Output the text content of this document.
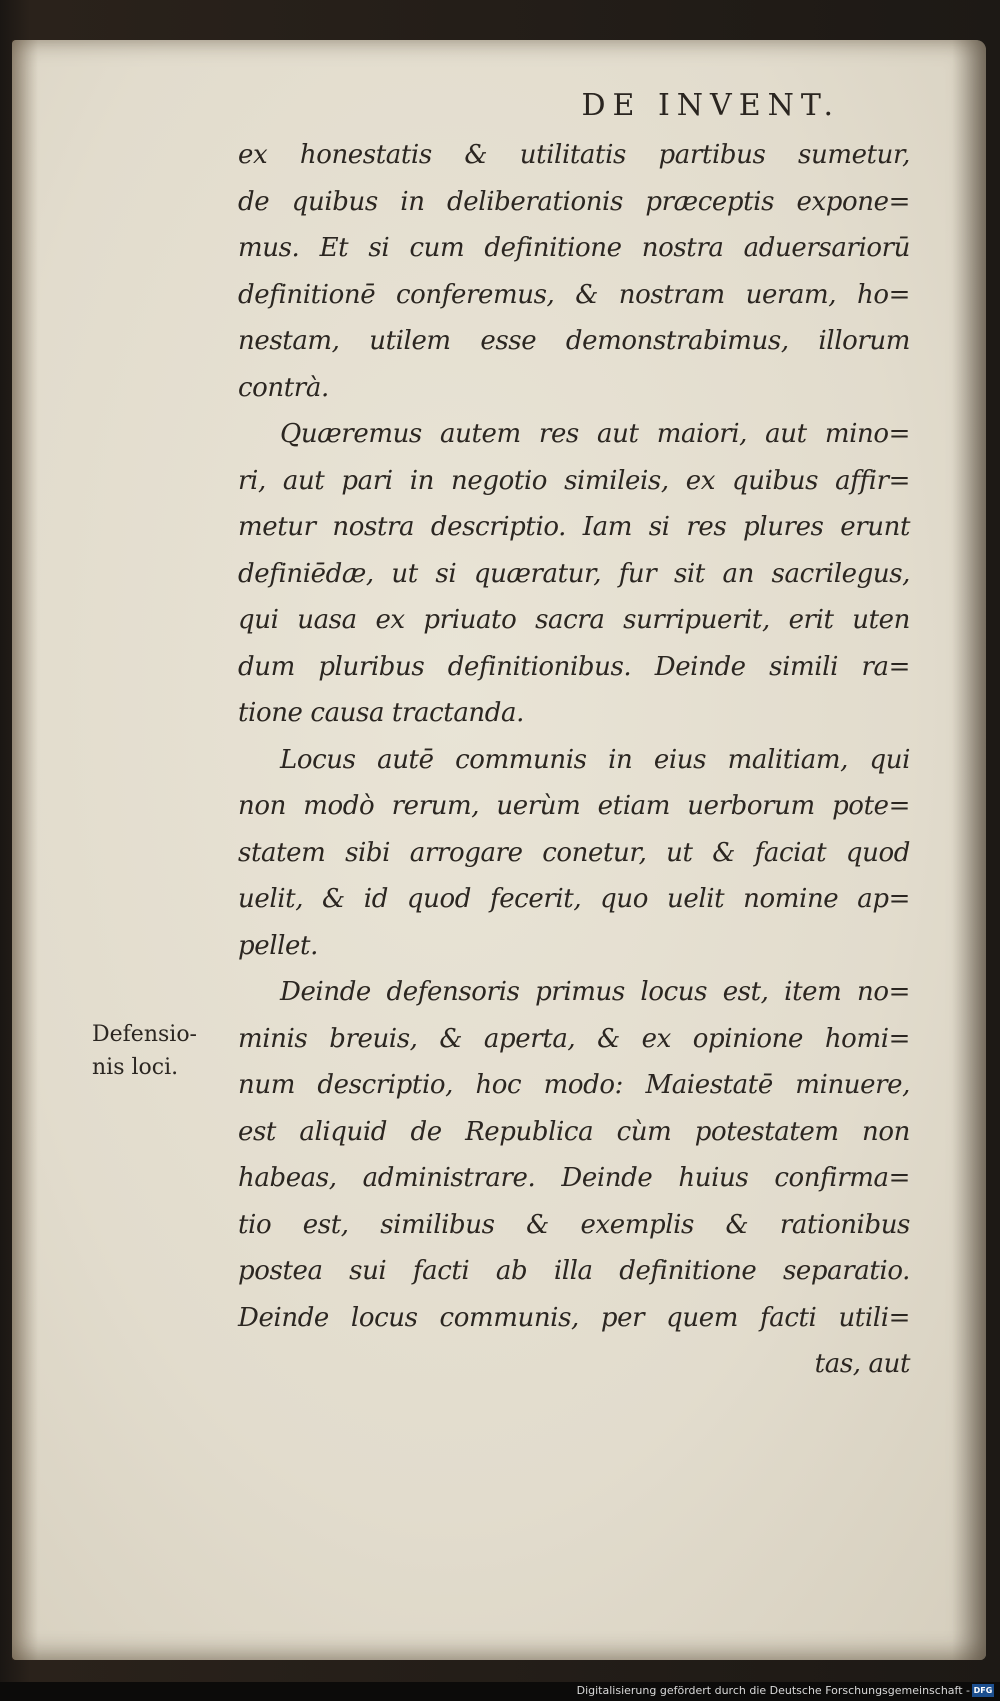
DE INVENT.
ex honestatis & utilitatis partibus sumetur,
de quibus in deliberationis præceptis expone=
mus. Et si cum definitione nostra aduersariorū
definitionē conferemus, & nostram ueram, ho=
nestam, utilem esse demonstrabimus, illorum
contrà.
Quæremus autem res aut maiori, aut mino=
ri, aut pari in negotio simileis, ex quibus affir=
metur nostra descriptio. Iam si res plures erunt
definiēdæ, ut si quæratur, fur sit an sacrilegus,
qui uasa ex priuato sacra surripuerit, erit uten
dum pluribus definitionibus. Deinde simili ra=
tione causa tractanda.
Locus autē communis in eius malitiam, qui
non modò rerum, uerùm etiam uerborum pote=
statem sibi arrogare conetur, ut & faciat quod
uelit, & id quod fecerit, quo uelit nomine ap=
pellet.
Deinde defensoris primus locus est, item no=
minis breuis, & aperta, & ex opinione homi=
num descriptio, hoc modo: Maiestatē minuere,
est aliquid de Republica cùm potestatem non
habeas, administrare. Deinde huius confirma=
tio est, similibus & exemplis & rationibus
postea sui facti ab illa definitione separatio.
Deinde locus communis, per quem facti utili=
tas, aut
Defensio-
nis loci.
Digitalisierung gefördert durch die Deutsche Forschungsgemeinschaft - DFG
